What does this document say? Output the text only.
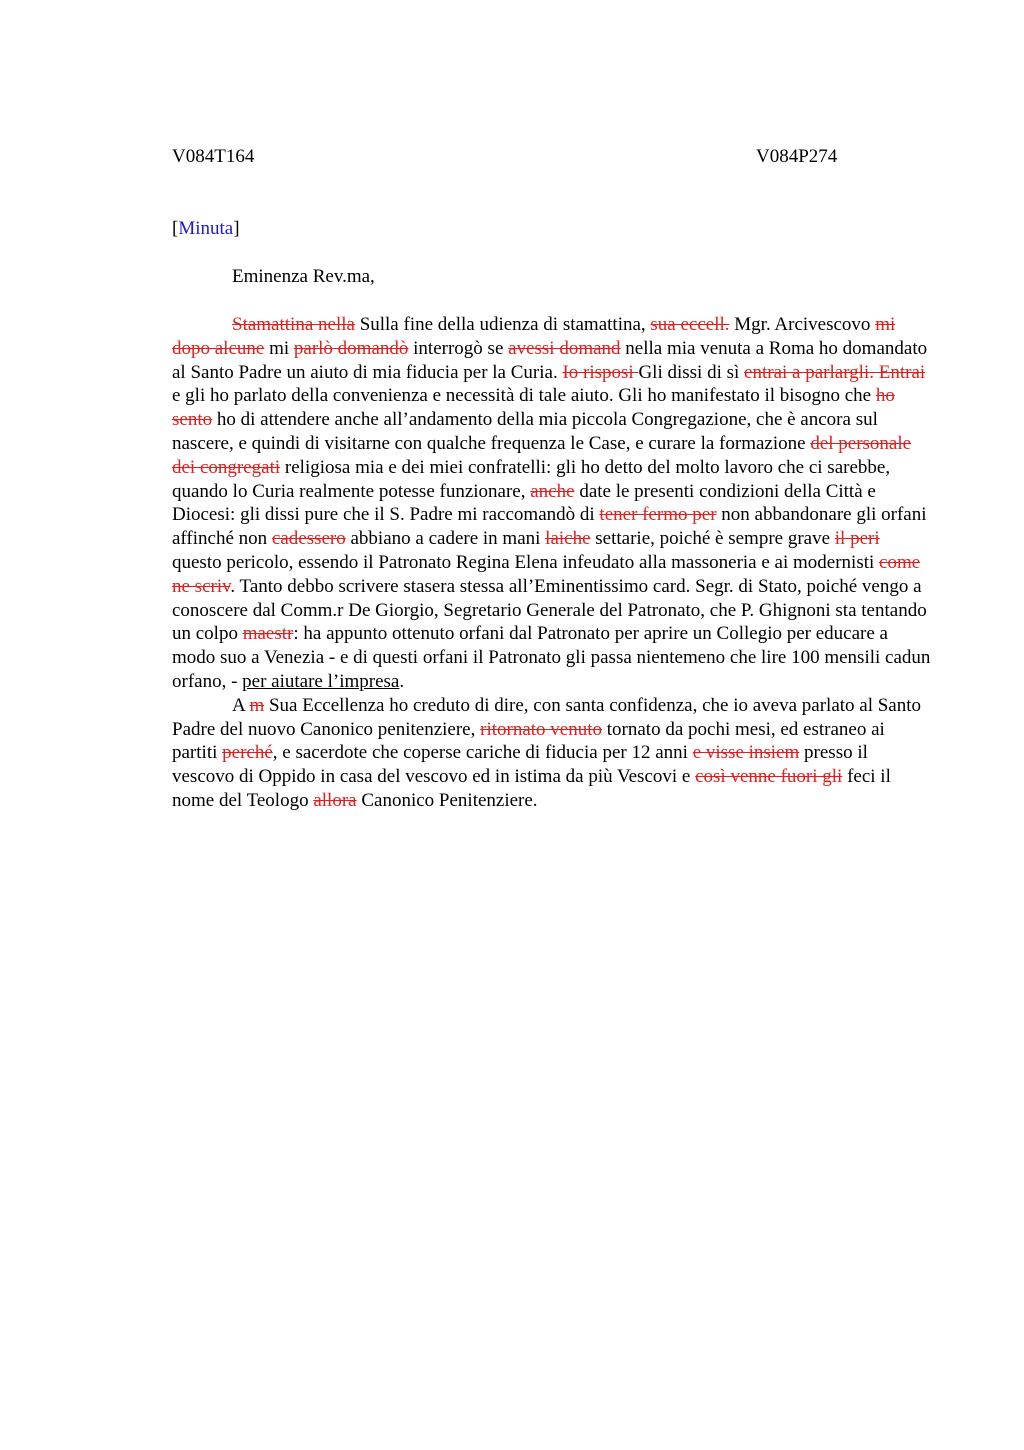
V084T164	V084P274
[Minuta]
Eminenza Rev.ma,

Stamattina nella Sulla fine della udienza di stamattina, sua eccell. Mgr. Arcivescovo mi dopo alcune mi parlò domandò interrogò se avessi domand nella mia venuta a Roma ho domandato al Santo Padre un aiuto di mia fiducia per la Curia. Io risposi Gli dissi di sì entrai a parlargli. Entrai e gli ho parlato della convenienza e necessità di tale aiuto. Gli ho manifestato il bisogno che ho sento ho di attendere anche all’andamento della mia piccola Congregazione, che è ancora sul nascere, e quindi di visitarne con qualche frequenza le Case, e curare la formazione del personale dei congregati religiosa mia e dei miei confratelli: gli ho detto del molto lavoro che ci sarebbe, quando lo Curia realmente potesse funzionare, anche date le presenti condizioni della Città e Diocesi: gli dissi pure che il S. Padre mi raccomandò di tener fermo per non abbandonare gli orfani affinché non cadessero abbiano a cadere in mani laiche settarie, poiché è sempre grave il peri questo pericolo, essendo il Patronato Regina Elena infeudato alla massoneria e ai modernisti come ne scriv. Tanto debbo scrivere stasera stessa all’Eminentissimo card. Segr. di Stato, poiché vengo a conoscere dal Comm.r De Giorgio, Segretario Generale del Patronato, che P. Ghignoni sta tentando un colpo maestr: ha appunto ottenuto orfani dal Patronato per aprire un Collegio per educare a modo suo a Venezia - e di questi orfani il Patronato gli passa nientemeno che lire 100 mensili cadun orfano, - per aiutare l’impresa.

A m Sua Eccellenza ho creduto di dire, con santa confidenza, che io aveva parlato al Santo Padre del nuovo Canonico penitenziere, ritornato venuto tornato da pochi mesi, ed estraneo ai partiti perché, e sacerdote che coperse cariche di fiducia per 12 anni e visse insiem presso il vescovo di Oppido in casa del vescovo ed in istima da più Vescovi e così venne fuori gli feci il nome del Teologo allora Canonico Penitenziere.
